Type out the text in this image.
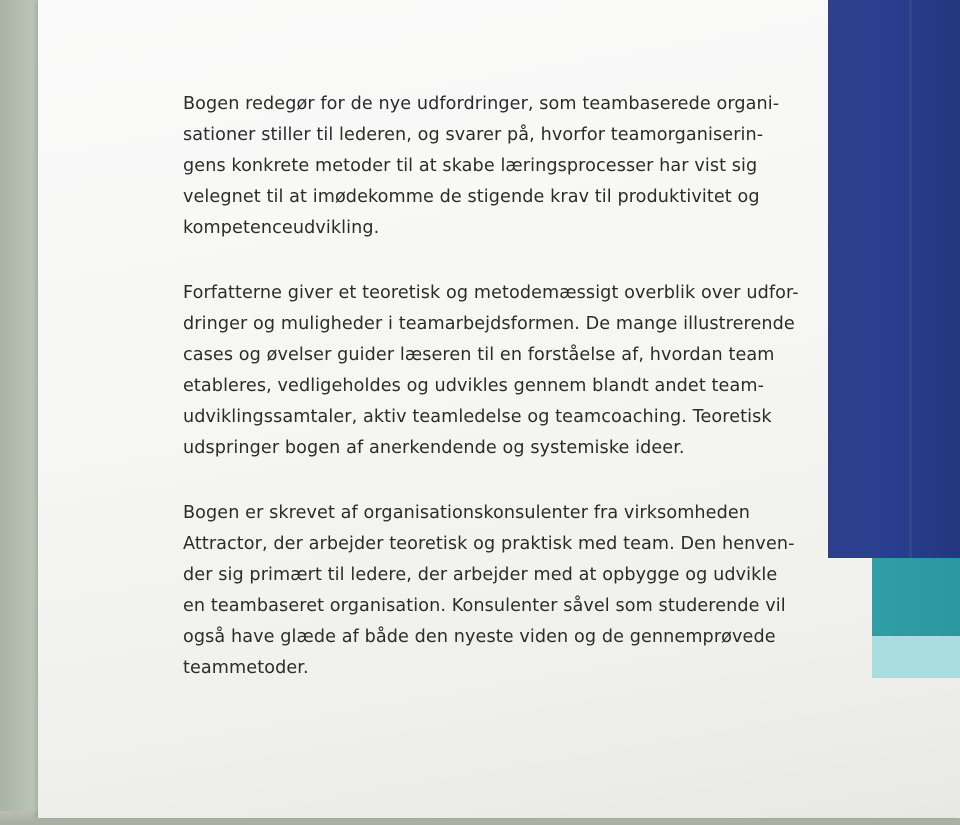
Bogen redegør for de nye udfordringer, som teambaserede organi-
sationer stiller til lederen, og svarer på, hvorfor teamorganiserin-
gens konkrete metoder til at skabe læringsprocesser har vist sig
velegnet til at imødekomme de stigende krav til produktivitet og
kompetenceudvikling.

Forfatterne giver et teoretisk og metodemæssigt overblik over udfor-
dringer og muligheder i teamarbejdsformen. De mange illustrerende
cases og øvelser guider læseren til en forståelse af, hvordan team
etableres, vedligeholdes og udvikles gennem blandt andet team-
udviklingssamtaler, aktiv teamledelse og teamcoaching. Teoretisk
udspringer bogen af anerkendende og systemiske ideer.

Bogen er skrevet af organisationskonsulenter fra virksomheden
Attractor, der arbejder teoretisk og praktisk med team. Den henven-
der sig primært til ledere, der arbejder med at opbygge og udvikle
en teambaseret organisation. Konsulenter såvel som studerende vil
også have glæde af både den nyeste viden og de gennemprøvede
teammetoder.
